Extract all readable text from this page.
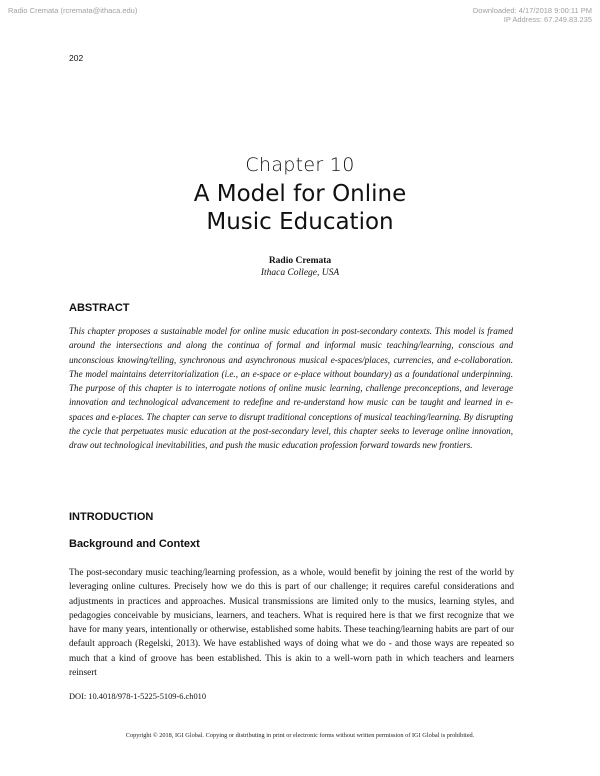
Radio Cremata (rcremata@ithaca.edu)	Downloaded: 4/17/2018 9:00:11 PM
IP Address: 67.249.83.235
202
Chapter 10
A Model for Online
Music Education
Radio Cremata
Ithaca College, USA
ABSTRACT

This chapter proposes a sustainable model for online music education in post-secondary contexts. This model is framed around the intersections and along the continua of formal and informal music teaching/learning, conscious and unconscious knowing/telling, synchronous and asynchronous musical e-spaces/places, currencies, and e-collaboration. The model maintains deterritorialization (i.e., an e-space or e-place without boundary) as a foundational underpinning. The purpose of this chapter is to interrogate notions of online music learning, challenge preconceptions, and leverage innovation and technological advancement to redefine and re-understand how music can be taught and learned in e-spaces and e-places. The chapter can serve to disrupt traditional conceptions of musical teaching/learning. By disrupting the cycle that perpetuates music education at the post-secondary level, this chapter seeks to leverage online innovation, draw out technological inevitabilities, and push the music education profession forward towards new frontiers.

INTRODUCTION
Background and Context

The post-secondary music teaching/learning profession, as a whole, would benefit by joining the rest of the world by leveraging online cultures. Precisely how we do this is part of our challenge; it requires careful considerations and adjustments in practices and approaches. Musical transmissions are limited only to the musics, learning styles, and pedagogies conceivable by musicians, learners, and teachers. What is required here is that we first recognize that we have for many years, intentionally or otherwise, established some habits. These teaching/learning habits are part of our default approach (Regelski, 2013). We have established ways of doing what we do - and those ways are repeated so much that a kind of groove has been established. This is akin to a well-worn path in which teachers and learners reinsert

DOI: 10.4018/978-1-5225-5109-6.ch010
Copyright © 2018, IGI Global. Copying or distributing in print or electronic forms without written permission of IGI Global is prohibited.
